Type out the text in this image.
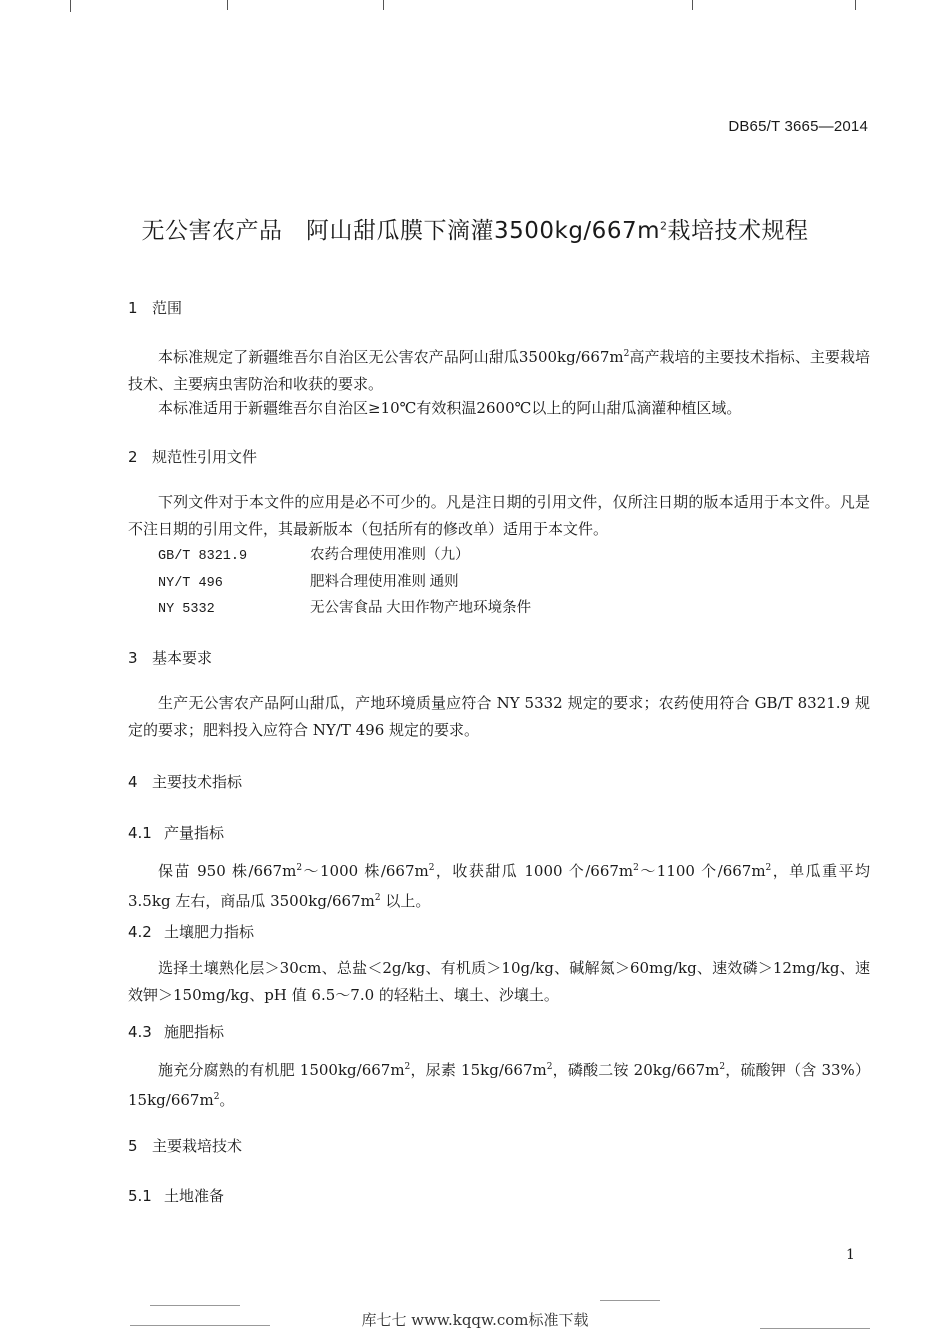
DB65/T 3665—2014
无公害农产品　阿山甜瓜膜下滴灌$3500kg/667m^2$栽培技术规程
1 范围
本标准规定了新疆维吾尔自治区无公害农产品阿山甜瓜$3500kg/667m^2$高产栽培的主要技术指标、主要栽培技术、主要病虫害防治和收获的要求。
本标准适用于新疆维吾尔自治区≥10℃有效积温2600℃以上的阿山甜瓜滴灌种植区域。
2 规范性引用文件
下列文件对于本文件的应用是必不可少的。凡是注日期的引用文件，仅所注日期的版本适用于本文件。凡是不注日期的引用文件，其最新版本（包括所有的修改单）适用于本文件。
GB/T 8321.9	农药合理使用准则（九）
NY/T 496	肥料合理使用准则 通则
NY 5332	无公害食品 大田作物产地环境条件
3 基本要求
生产无公害农产品阿山甜瓜，产地环境质量应符合 NY 5332 规定的要求；农药使用符合 GB/T 8321.9 规定的要求；肥料投入应符合 NY/T 496 规定的要求。
4 主要技术指标
4.1 产量指标
保苗 950 株$/667m^2\sim 1000$ 株$/667m^2$，收获甜瓜 1000 个$/667m^2\sim 1100$ 个$/667m^2$，单瓜重平均 3.5kg 左右，商品瓜 $3500kg/667m^2$ 以上。
4.2 土壤肥力指标
选择土壤熟化层＞30cm、总盐＜2g/kg、有机质＞10g/kg、碱解氮＞60mg/kg、速效磷＞12mg/kg、速效钾＞150mg/kg、pH 值 6.5～7.0 的轻粘土、壤土、沙壤土。
4.3 施肥指标
施充分腐熟的有机肥 $1500kg/667m^2$，尿素 $15kg/667m^2$，磷酸二铵 $20kg/667m^2$，硫酸钾（含 $33\%)15kg/667m^2$。
5 主要栽培技术
5.1 土地准备
1
库七七 www.kqqw.com标准下载
